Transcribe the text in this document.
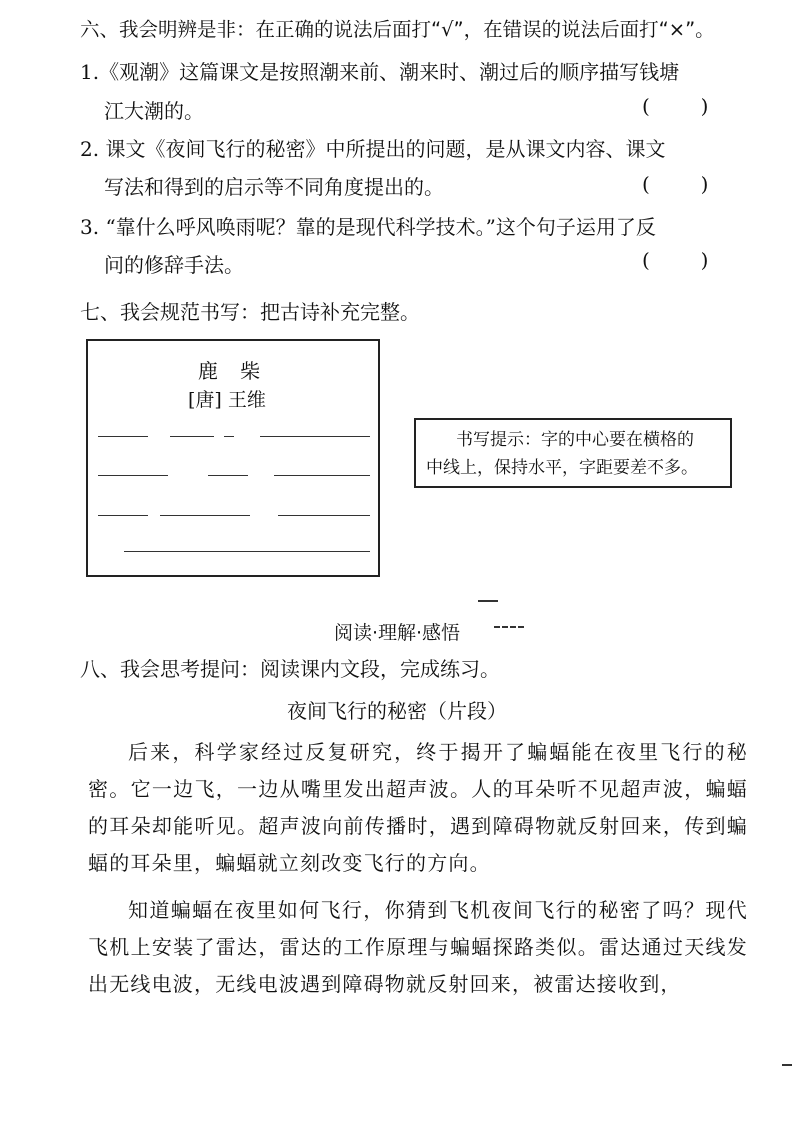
六、我会明辨是非：在正确的说法后面打“√”，在错误的说法后面打“×”。
1.《观潮》这篇课文是按照潮来前、潮来时、潮过后的顺序描写钱塘
江大潮的。	(        )
2. 课文《夜间飞行的秘密》中所提出的问题，是从课文内容、课文
写法和得到的启示等不同角度提出的。	(        )
3. “靠什么呼风唤雨呢？靠的是现代科学技术。”这个句子运用了反
问的修辞手法。	(        )
七、我会规范书写：把古诗补充完整。
鹿 柴
[唐] 王维
书写提示：字的中心要在横格的
中线上，保持水平，字距要差不多。
阅读·理解·感悟
八、我会思考提问：阅读课内文段，完成练习。
夜间飞行的秘密（片段）
后来，科学家经过反复研究，终于揭开了蝙蝠能在夜里飞行的秘密。它一边飞，一边从嘴里发出超声波。人的耳朵听不见超声波，蝙蝠的耳朵却能听见。超声波向前传播时，遇到障碍物就反射回来，传到蝙蝠的耳朵里，蝙蝠就立刻改变飞行的方向。
知道蝙蝠在夜里如何飞行，你猜到飞机夜间飞行的秘密了吗？现代飞机上安装了雷达，雷达的工作原理与蝙蝠探路类似。雷达通过天线发出无线电波，无线电波遇到障碍物就反射回来，被雷达接收到，
